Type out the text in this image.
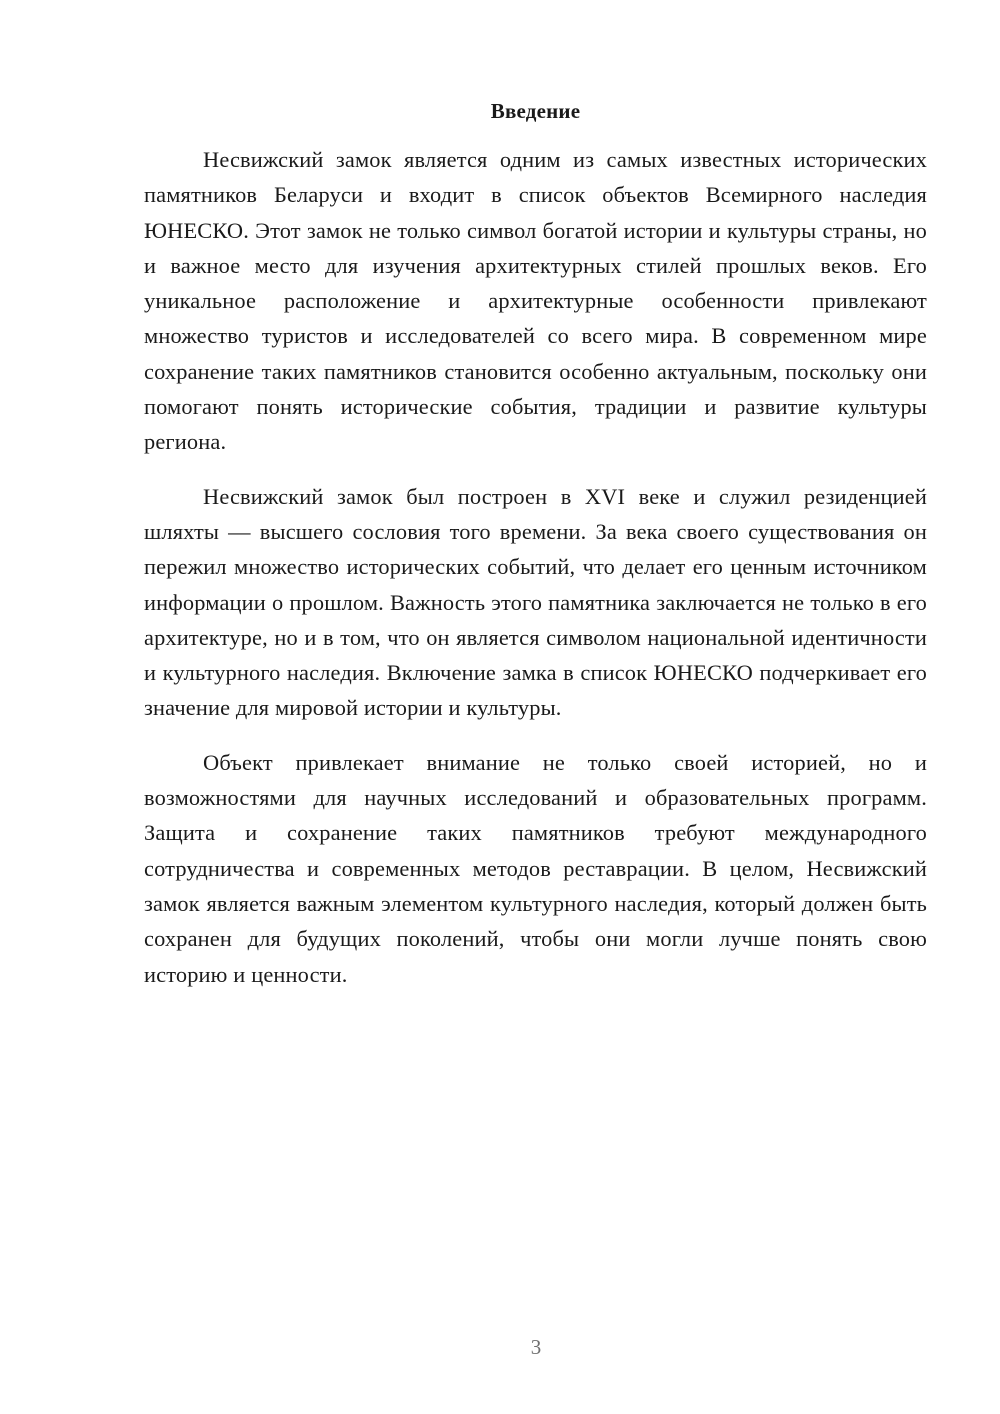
Введение

Несвижский замок является одним из самых известных исторических памятников Беларуси и входит в список объектов Всемирного наследия ЮНЕСКО. Этот замок не только символ богатой истории и культуры страны, но и важное место для изучения архитектурных стилей прошлых веков. Его уникальное расположение и архитектурные особенности привлекают множество туристов и исследователей со всего мира. В современном мире сохранение таких памятников становится особенно актуальным, поскольку они помогают понять исторические события, традиции и развитие культуры региона.

Несвижский замок был построен в XVI веке и служил резиденцией шляхты — высшего сословия того времени. За века своего существования он пережил множество исторических событий, что делает его ценным источником информации о прошлом. Важность этого памятника заключается не только в его архитектуре, но и в том, что он является символом национальной идентичности и культурного наследия. Включение замка в список ЮНЕСКО подчеркивает его значение для мировой истории и культуры.

Объект привлекает внимание не только своей историей, но и возможностями для научных исследований и образовательных программ. Защита и сохранение таких памятников требуют международного сотрудничества и современных методов реставрации. В целом, Несвижский замок является важным элементом культурного наследия, который должен быть сохранен для будущих поколений, чтобы они могли лучше понять свою историю и ценности.

3
